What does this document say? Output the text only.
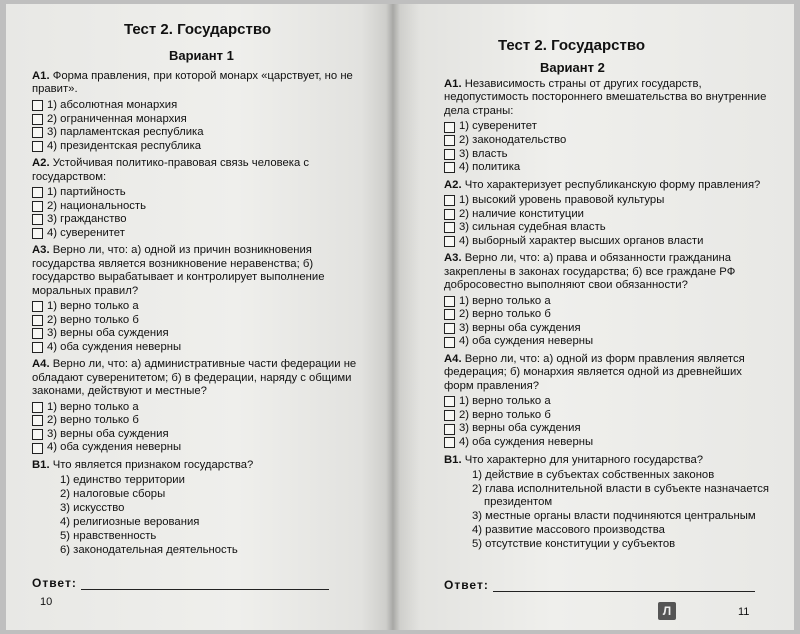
Тест 2. Государство
Вариант 1
А1. Форма правления, при которой монарх «царствует, но не правит».
1) абсолютная монархия
2) ограниченная монархия
3) парламентская республика
4) президентская республика
А2. Устойчивая политико-правовая связь человека с государством:
1) партийность
2) национальность
3) гражданство
4) суверенитет
А3. Верно ли, что: а) одной из причин возникновения государства является возникновение неравенства; б) государство вырабатывает и контролирует выполнение моральных правил?
1) верно только а
2) верно только б
3) верны оба суждения
4) оба суждения неверны
А4. Верно ли, что: а) административные части федерации не обладают суверенитетом; б) в федерации, наряду с общими законами, действуют и местные?
1) верно только а
2) верно только б
3) верны оба суждения
4) оба суждения неверны
В1. Что является признаком государства?
1) единство территории
2) налоговые сборы
3) искусство
4) религиозные верования
5) нравственность
6) законодательная деятельность
Ответ:
10
Тест 2. Государство
Вариант 2
А1. Независимость страны от других государств, недопустимость постороннего вмешательства во внутренние дела страны:
1) суверенитет
2) законодательство
3) власть
4) политика
А2. Что характеризует республиканскую форму правления?
1) высокий уровень правовой культуры
2) наличие конституции
3) сильная судебная власть
4) выборный характер высших органов власти
А3. Верно ли, что: а) права и обязанности гражданина закреплены в законах государства; б) все граждане РФ добросовестно выполняют свои обязанности?
1) верно только а
2) верно только б
3) верны оба суждения
4) оба суждения неверны
А4. Верно ли, что: а) одной из форм правления является федерация; б) монархия является одной из древнейших форм правления?
1) верно только а
2) верно только б
3) верны оба суждения
4) оба суждения неверны
В1. Что характерно для унитарного государства?
1) действие в субъектах собственных законов
2) глава исполнительной власти в субъекте назначается президентом
3) местные органы власти подчиняются центральным
4) развитие массового производства
5) отсутствие конституции у субъектов
Ответ:
Л	11
